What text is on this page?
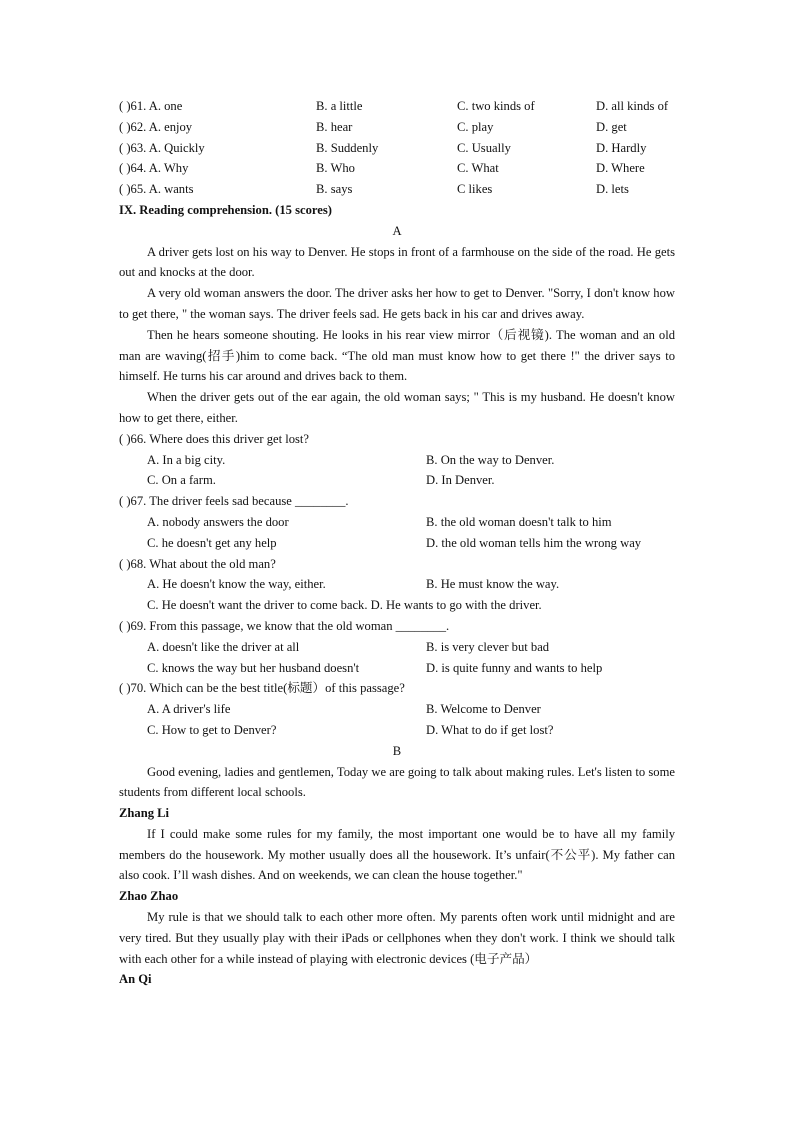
( )61. A. one	B. a little	C. two kinds of	D. all kinds of
( )62. A. enjoy	B. hear	C. play	D. get
( )63. A. Quickly	B. Suddenly	C. Usually	D. Hardly
( )64. A. Why	B. Who	C. What	D. Where
( )65. A. wants	B. says	C likes	D. lets
IX. Reading comprehension. (15 scores)
A
A driver gets lost on his way to Denver. He stops in front of a farmhouse on the side of the road. He gets out and knocks at the door.
A very old woman answers the door. The driver asks her how to get to Denver. "Sorry, I don't know how to get there, " the woman says. The driver feels sad. He gets back in his car and drives away.
Then he hears someone shouting. He looks in his rear view mirror（后视镜). The woman and an old man are waving(招手)him to come back. “The old man must know how to get there !" the driver says to himself. He turns his car around and drives back to them.
When the driver gets out of the ear again, the old woman says; " This is my husband. He doesn't know how to get there, either.
( )66. Where does this driver get lost?
A. In a big city.	B. On the way to Denver.
C. On a farm.	D. In Denver.
( )67. The driver feels sad because ________.
A. nobody answers the door	B. the old woman doesn't talk to him
C. he doesn't get any help	D. the old woman tells him the wrong way
( )68. What about the old man?
A. He doesn't know the way, either.	B. He must know the way.
C. He doesn't want the driver to come back. D. He wants to go with the driver.
( )69. From this passage, we know that the old woman ________.
A. doesn't like the driver at all	B. is very clever but bad
C. knows the way but her husband doesn't	D. is quite funny and wants to help
( )70. Which can be the best title(标题）of this passage?
A. A driver's life	B. Welcome to Denver
C. How to get to Denver?	D. What to do if get lost?
B
Good evening, ladies and gentlemen, Today we are going to talk about making rules. Let's listen to some students from different local schools.
Zhang Li
If I could make some rules for my family, the most important one would be to have all my family members do the housework. My mother usually does all the housework. It’s unfair(不公平). My father can also cook. I’ll wash dishes. And on weekends, we can clean the house together."
Zhao Zhao
My rule is that we should talk to each other more often. My parents often work until midnight and are very tired. But they usually play with their iPads or cellphones when they don't work. I think we should talk with each other for a while instead of playing with electronic devices (电子产品）
An Qi
